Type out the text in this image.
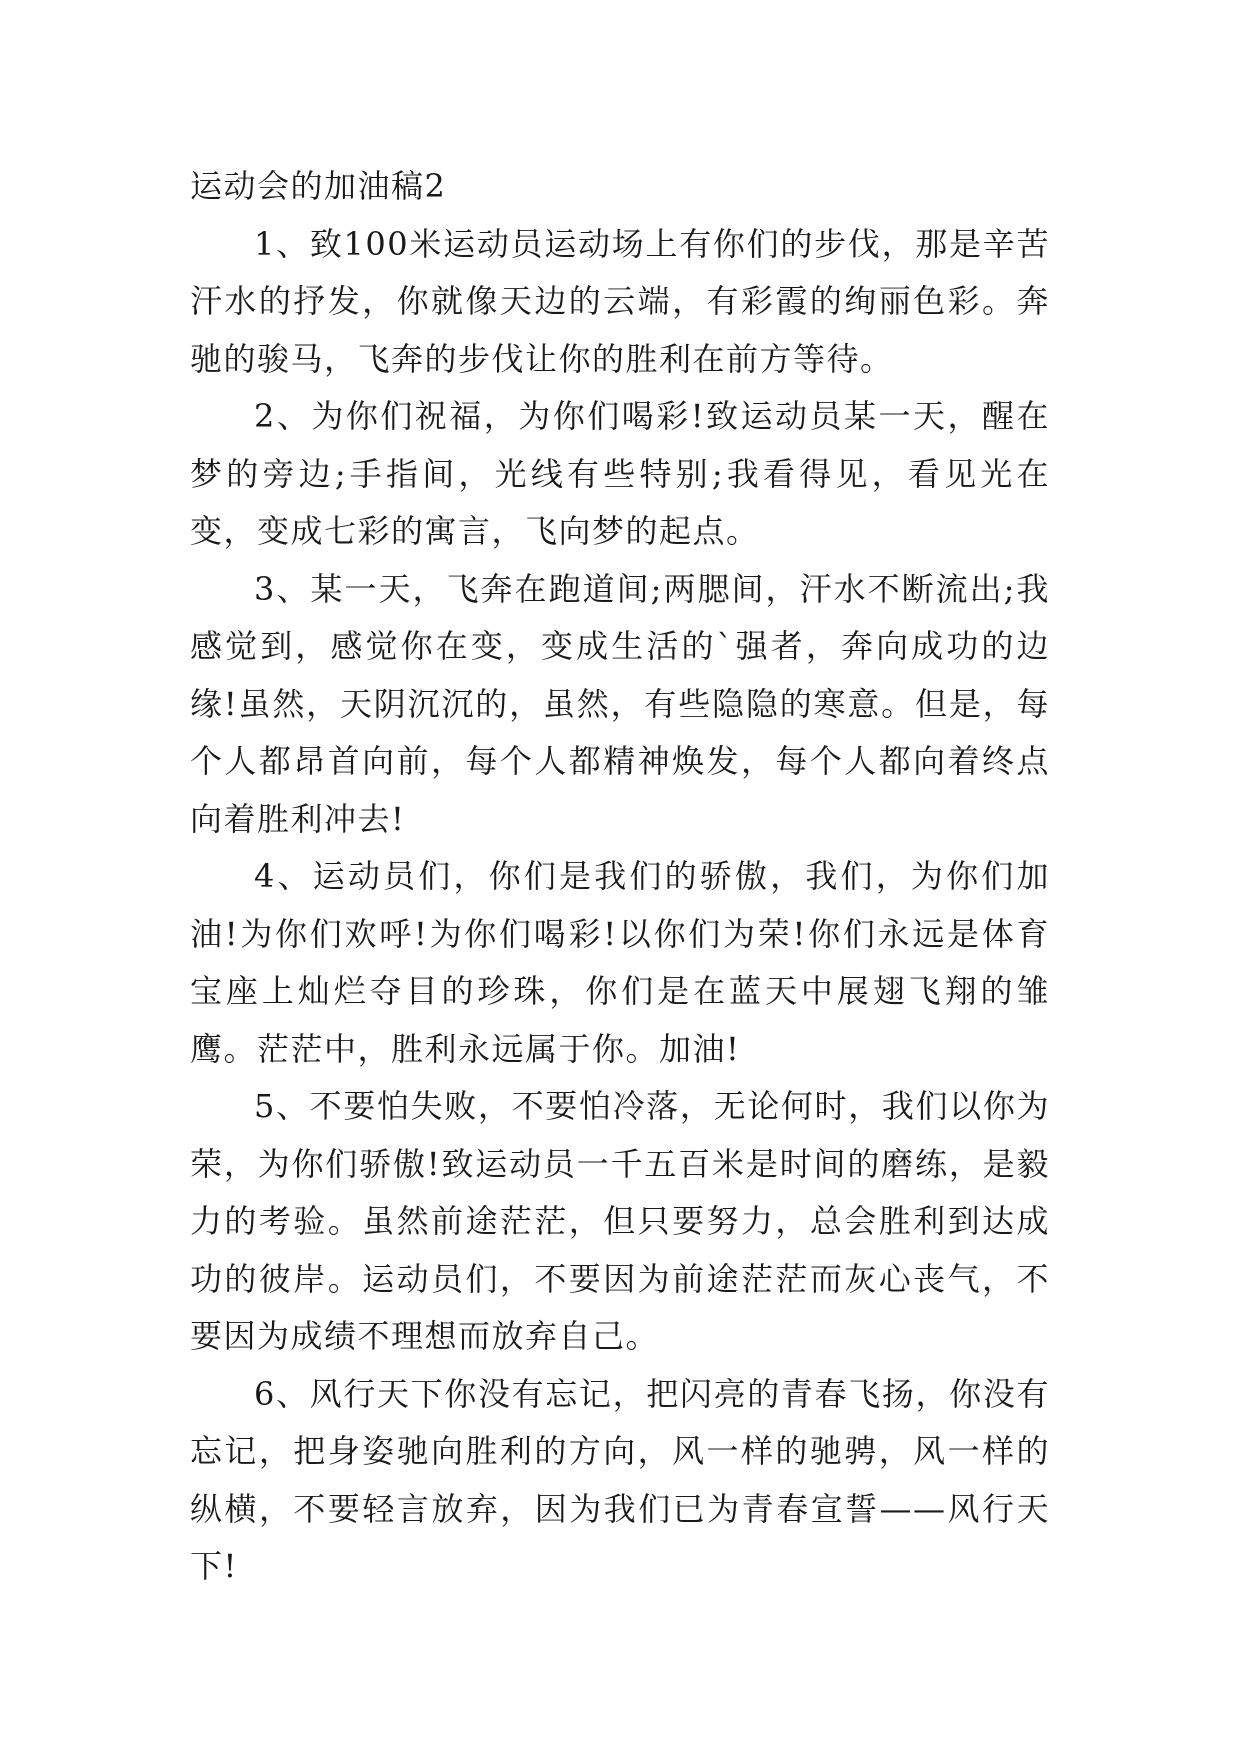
运动会的加油稿2

1、致100米运动员运动场上有你们的步伐，那是辛苦汗水的抒发，你就像天边的云端，有彩霞的绚丽色彩。奔驰的骏马，飞奔的步伐让你的胜利在前方等待。

2、为你们祝福，为你们喝彩!致运动员某一天，醒在梦的旁边;手指间，光线有些特别;我看得见，看见光在变，变成七彩的寓言，飞向梦的起点。

3、某一天，飞奔在跑道间;两腮间，汗水不断流出;我感觉到，感觉你在变，变成生活的`强者，奔向成功的边缘!虽然，天阴沉沉的，虽然，有些隐隐的寒意。但是，每个人都昂首向前，每个人都精神焕发，每个人都向着终点向着胜利冲去!

4、运动员们，你们是我们的骄傲，我们，为你们加油!为你们欢呼!为你们喝彩!以你们为荣!你们永远是体育宝座上灿烂夺目的珍珠，你们是在蓝天中展翅飞翔的雏鹰。茫茫中，胜利永远属于你。加油!

5、不要怕失败，不要怕冷落，无论何时，我们以你为荣，为你们骄傲!致运动员一千五百米是时间的磨练，是毅力的考验。虽然前途茫茫，但只要努力，总会胜利到达成功的彼岸。运动员们，不要因为前途茫茫而灰心丧气，不要因为成绩不理想而放弃自己。

6、风行天下你没有忘记，把闪亮的青春飞扬，你没有忘记，把身姿驰向胜利的方向，风一样的驰骋，风一样的纵横，不要轻言放弃，因为我们已为青春宣誓——风行天下!
